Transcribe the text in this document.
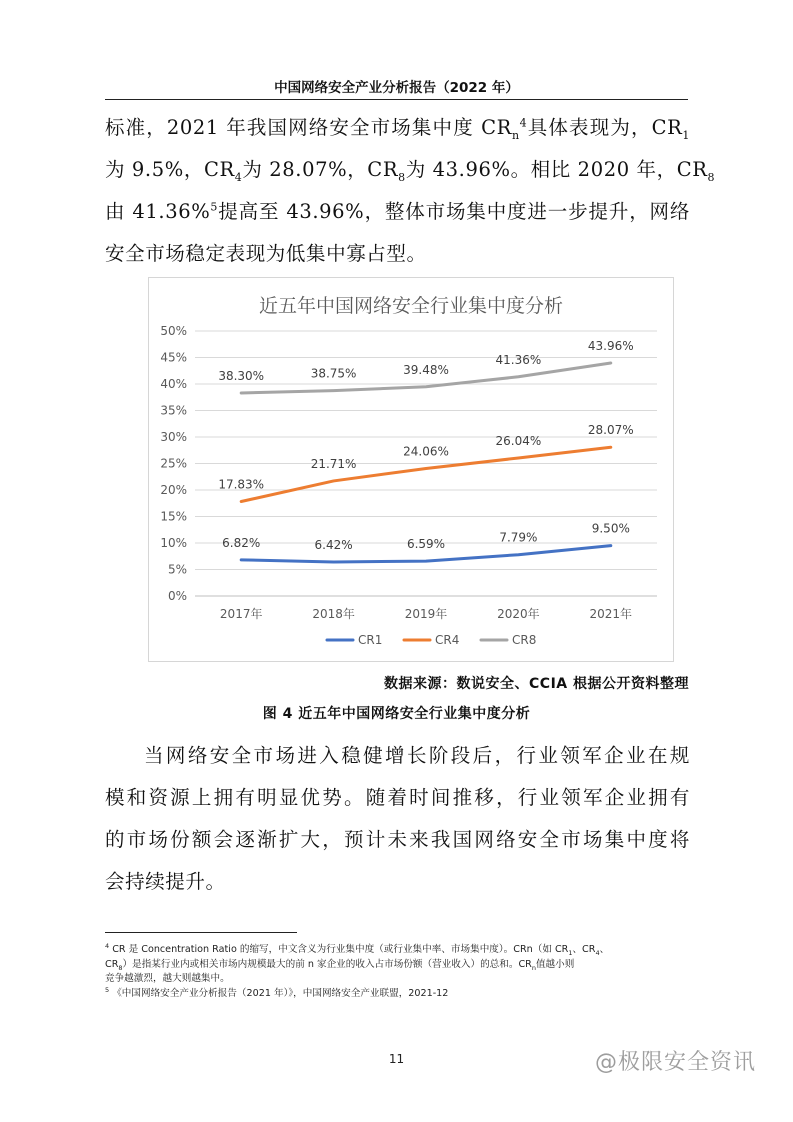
中国网络安全产业分析报告（2022 年）
标准，2021 年我国网络安全市场集中度 $CR_n^4$具体表现为，$CR_1$
为 9.5%，$CR_4$为 28.07%，$CR_8$为 43.96%。相比 2020 年，$CR_8$
由 41.36%$^5$提高至 43.96%，整体市场集中度进一步提升，网络
安全市场稳定表现为低集中寡占型。
近五年中国网络安全行业集中度分析
0%
5%
10%
15%
20%
25%
30%
35%
40%
45%
50%
2017年	2018年	2019年	2020年	2021年
6.82%	6.42%	6.59%	7.79%
9.50%
17.83%
21.71%
24.06%
26.04%
28.07%
38.30%	38.75%	39.48%
41.36%
43.96%
CR1	CR4	CR8
数据来源：数说安全、CCIA 根据公开资料整理
图 4 近五年中国网络安全行业集中度分析
当网络安全市场进入稳健增长阶段后，行业领军企业在规
模和资源上拥有明显优势。随着时间推移，行业领军企业拥有
的市场份额会逐渐扩大，预计未来我国网络安全市场集中度将
会持续提升。
$^4$ CR 是 Concentration Ratio 的缩写，中文含义为行业集中度（或行业集中率、市场集中度）。CRn（如 $CR_1$、$CR_4$、
$CR_8$）是指某行业内或相关市场内规模最大的前 n 家企业的收入占市场份额（营业收入）的总和。$CR_n$值越小则
竞争越激烈，越大则越集中。
$^5$ 《中国网络安全产业分析报告（2021 年）》，中国网络安全产业联盟，2021-12
11	@极限安全资讯
